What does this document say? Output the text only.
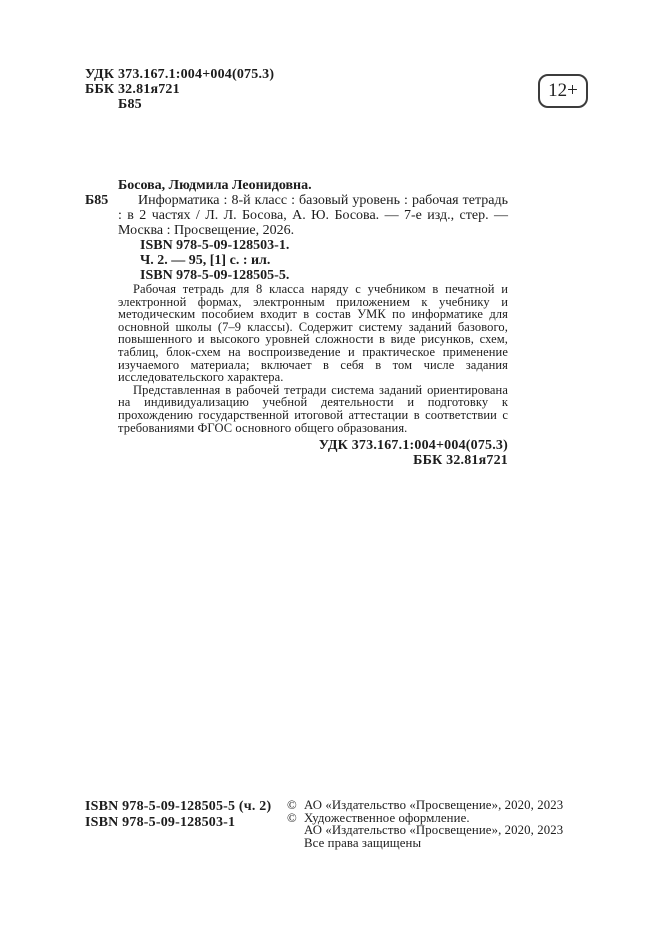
УДК 373.167.1:004+004(075.3)
ББК 32.81я721
Б85
12+
Б85

Босова, Людмила Леонидовна.

Информатика : 8-й класс : базовый уровень : рабочая тетрадь : в 2 частях / Л. Л. Босова, А. Ю. Босова. — 7-е изд., стер. — Москва : Просвещение, 2026.

ISBN 978-5-09-128503-1.

Ч. 2. — 95, [1] с. : ил.

ISBN 978-5-09-128505-5.

Рабочая тетрадь для 8 класса наряду с учебником в печатной и электронной формах, электронным приложением к учебнику и методическим пособием входит в состав УМК по информатике для основной школы (7–9 классы). Содержит систему заданий базового, повышенного и высокого уровней сложности в виде рисунков, схем, таблиц, блок-схем на воспроизведение и практическое применение изучаемого материала; включает в себя в том числе задания исследовательского характера.

Представленная в рабочей тетради система заданий ориентирована на индивидуализацию учебной деятельности и подготовку к прохождению государственной итоговой аттестации в соответствии с требованиями ФГОС основного общего образования.

УДК 373.167.1:004+004(075.3)
ББК 32.81я721

ISBN 978-5-09-128505-5 (ч. 2)
ISBN 978-5-09-128503-1
© АО «Издательство «Просвещение», 2020, 2023
© Художественное оформление.
АО «Издательство «Просвещение», 2020, 2023
Все права защищены
